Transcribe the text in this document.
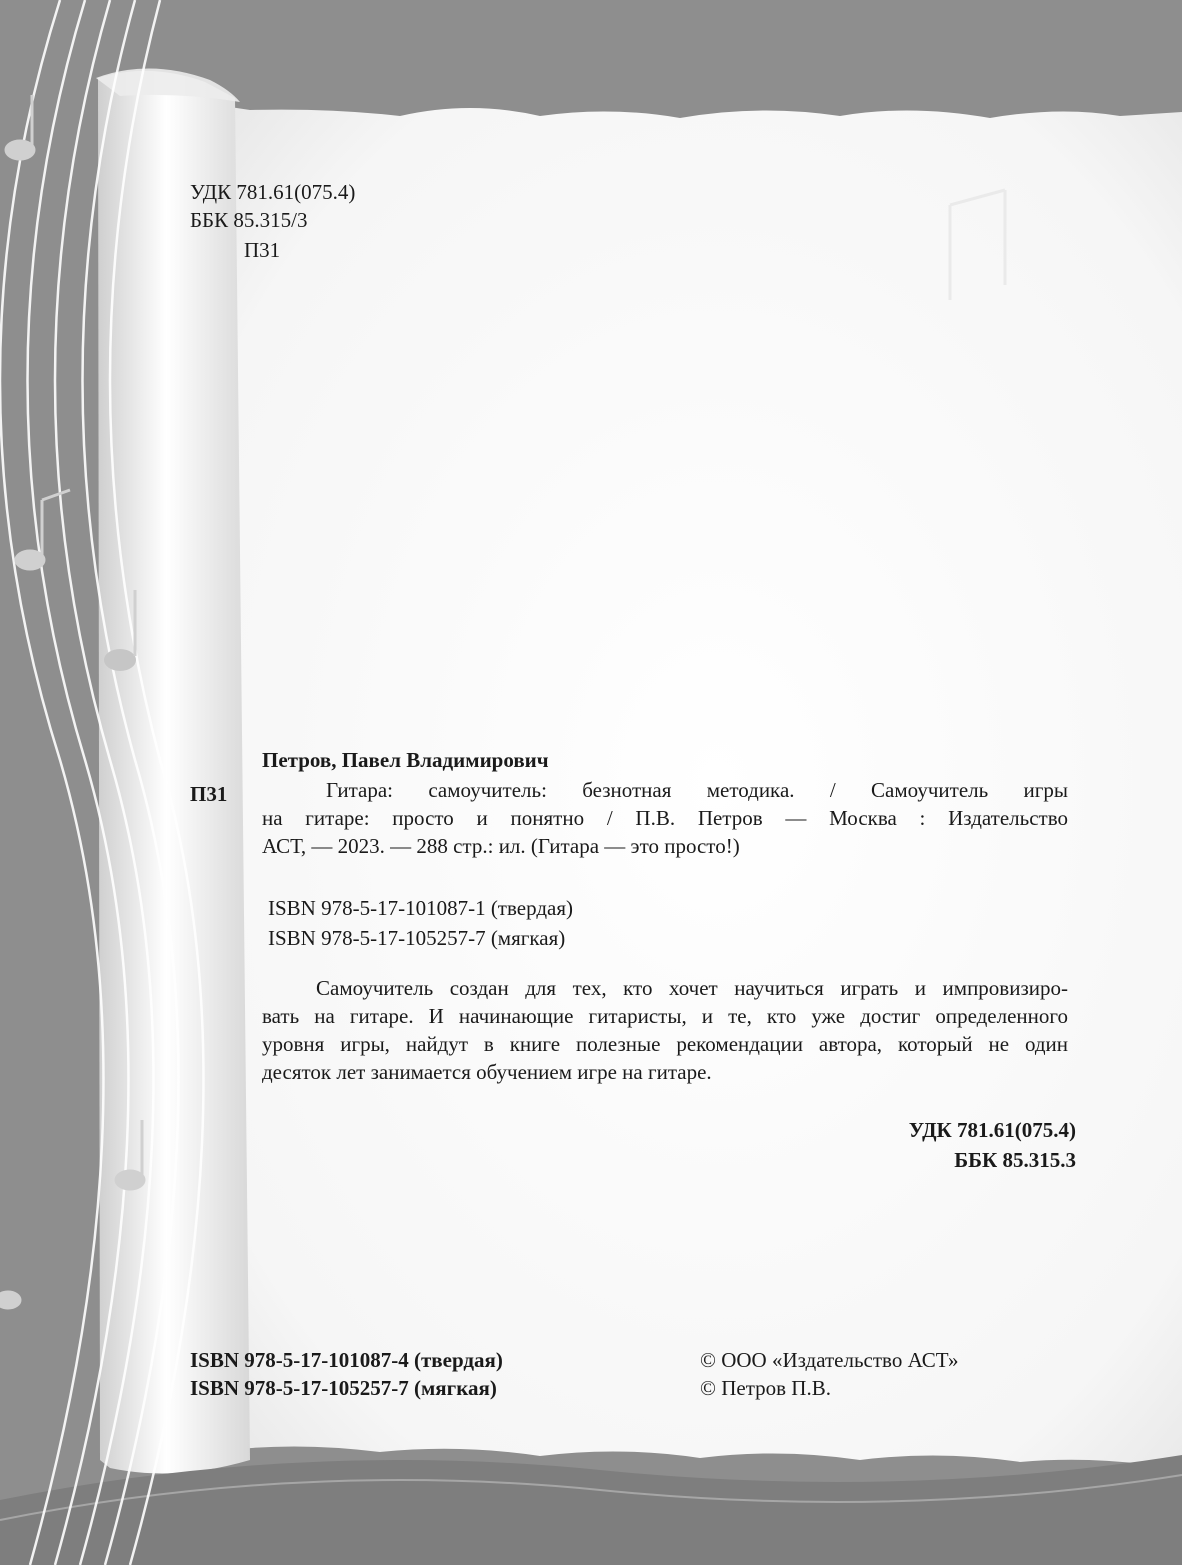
УДК 781.61(075.4)
ББК 85.315/3
П31
Петров, Павел Владимирович
П31	Гитара: самоучитель: безнотная методика. / Самоучитель игры
на гитаре: просто и понятно / П.В. Петров — Москва : Издательство
АСТ, — 2023. — 288 стр.: ил. (Гитара — это просто!)
ISBN 978-5-17-101087-1 (твердая)
ISBN 978-5-17-105257-7 (мягкая)
Самоучитель создан для тех, кто хочет научиться играть и импровизиро-
вать на гитаре. И начинающие гитаристы, и те, кто уже достиг определенного
уровня игры, найдут в книге полезные рекомендации автора, который не один
десяток лет занимается обучением игре на гитаре.
УДК 781.61(075.4)
ББК 85.315.3
ISBN 978-5-17-101087-4 (твердая)
ISBN 978-5-17-105257-7 (мягкая)
© ООО «Издательство АСТ»
© Петров П.В.
